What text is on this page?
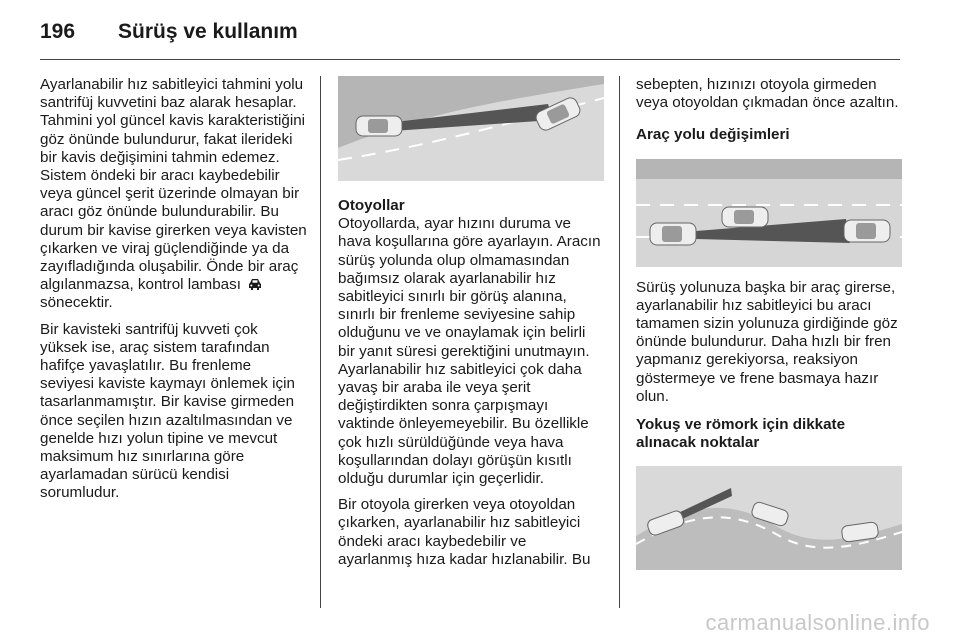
196 Sürüş ve kullanım

Ayarlanabilir hız sabitleyici tahmini yolu santrifüj kuvvetini baz alarak hesaplar. Tahmini yol güncel kavis karakteristiğini göz önünde bulundurur, fakat ilerideki bir kavis değişimini tahmin edemez. Sistem öndeki bir aracı kaybedebilir veya güncel şerit üzerinde olmayan bir aracı göz önünde bulundurabilir. Bu durum bir kavise girerken veya kavisten çıkarken ve viraj güçlendiğinde ya da zayıfladığında oluşabilir. Önde bir araç algılanmazsa, kontrol lambası
sönecektir.

Bir kavisteki santrifüj kuvveti çok yüksek ise, araç sistem tarafından hafifçe yavaşlatılır. Bu frenleme seviyesi kaviste kaymayı önlemek için tasarlanmamıştır. Bir kavise girmeden önce seçilen hızın azaltılmasından ve genelde hızı yolun tipine ve mevcut maksimum hız sınırlarına göre ayarlamadan sürücü kendisi sorumludur.

Otoyollar

Otoyollarda, ayar hızını duruma ve hava koşullarına göre ayarlayın. Aracın sürüş yolunda olup olmamasından bağımsız olarak ayarlanabilir hız sabitleyici sınırlı bir görüş alanına, sınırlı bir frenleme seviyesine sahip olduğunu ve ve onaylamak için belirli bir yanıt süresi gerektiğini unutmayın. Ayarlanabilir hız sabitleyici çok daha yavaş bir araba ile veya şerit değiştirdikten sonra çarpışmayı vaktinde önleyemeyebilir. Bu özellikle çok hızlı sürüldüğünde veya hava koşullarından dolayı görüşün kısıtlı olduğu durumlar için geçerlidir.

Bir otoyola girerken veya otoyoldan çıkarken, ayarlanabilir hız sabitleyici öndeki aracı kaybedebilir ve ayarlanmış hıza kadar hızlanabilir. Bu

sebepten, hızınızı otoyola girmeden veya otoyoldan çıkmadan önce azaltın.

Araç yolu değişimleri

Sürüş yolunuza başka bir araç girerse, ayarlanabilir hız sabitleyici bu aracı tamamen sizin yolunuza girdiğinde göz önünde bulundurur. Daha hızlı bir fren yapmanız gerekiyorsa, reaksiyon göstermeye ve frene basmaya hazır olun.

Yokuş ve römork için dikkate alınacak noktalar
carmanualsonline.info
